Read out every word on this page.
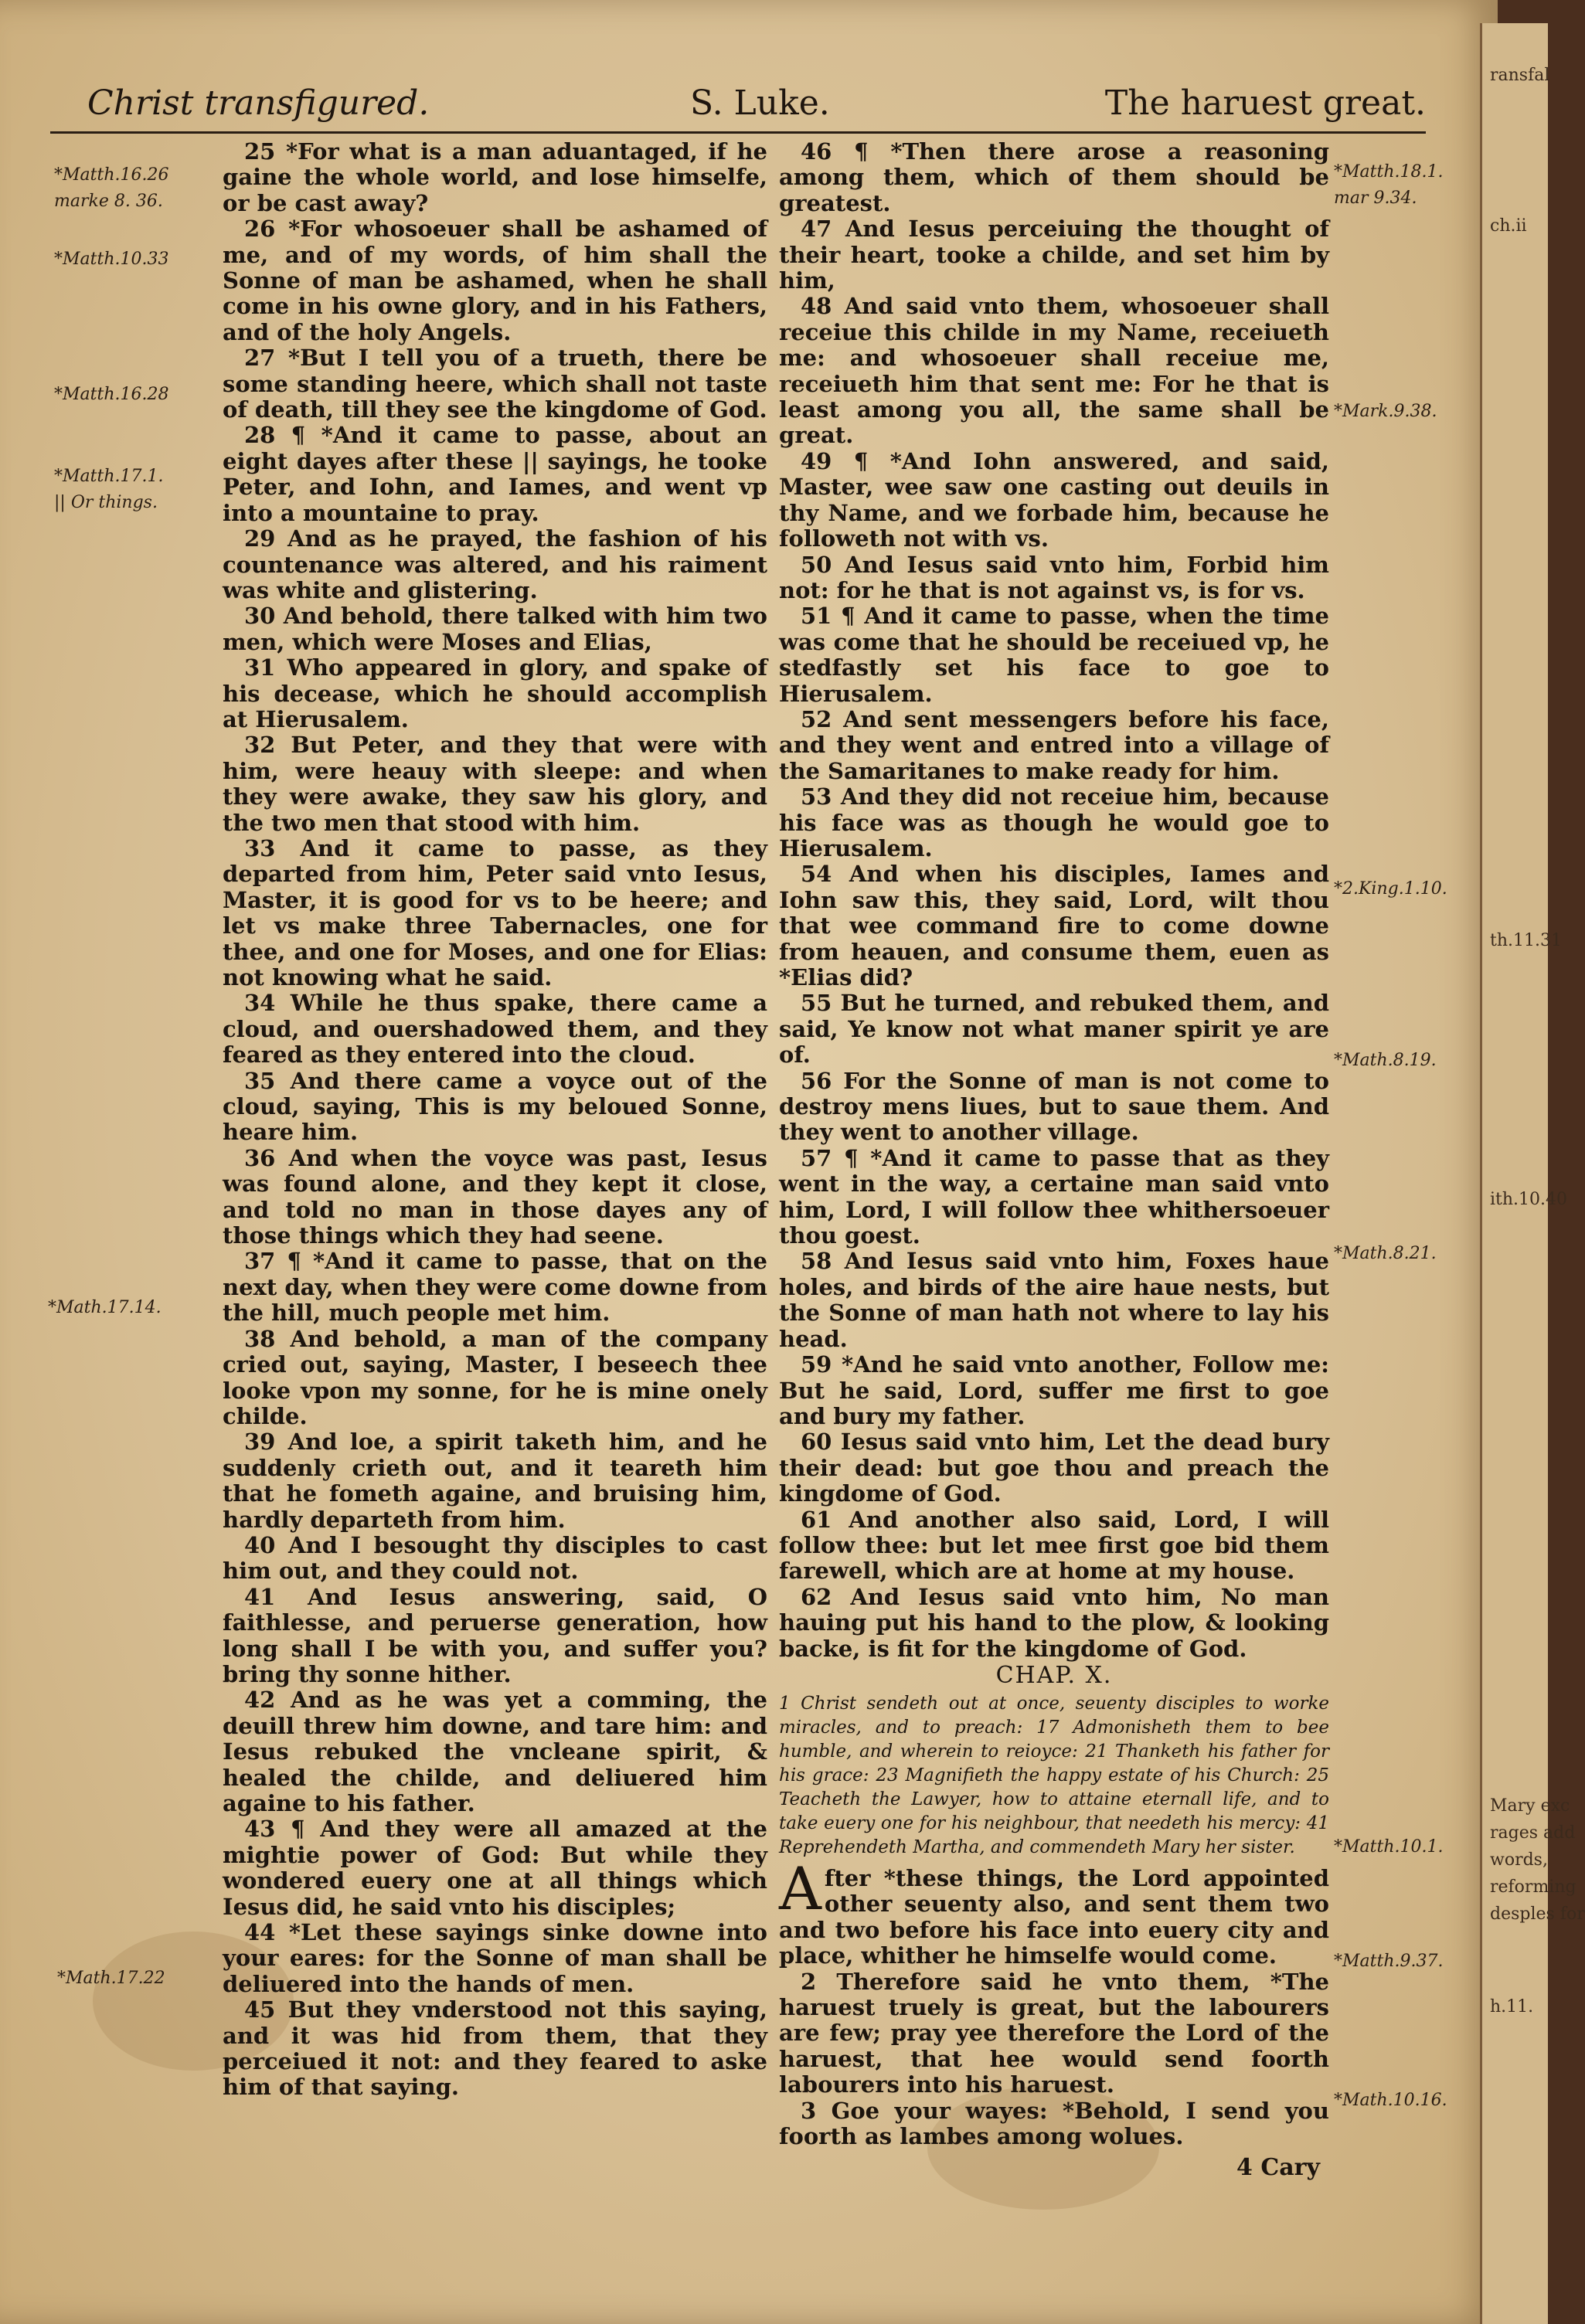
Christ transfigured.	S. Luke.	The haruest great.
*Matth.16.26
marke 8. 36.
*Matth.10.33
*Matth.16.28
*Matth.17.1.
|| Or things.
*Math.17.14.
*Math.17.22
*Matth.18.1.
mar 9.34.
*Mark.9.38.
*2.King.1.10.
*Math.8.19.
*Math.8.21.
*Matth.10.1.
*Matth.9.37.
*Math.10.16.

25 *For what is a man aduantaged, if he gaine the whole world, and lose himselfe, or be cast away?

26 *For whosoeuer shall be ashamed of me, and of my words, of him shall the Sonne of man be ashamed, when he shall come in his owne glory, and in his Fathers, and of the holy Angels.

27 *But I tell you of a trueth, there be some standing heere, which shall not taste of death, till they see the kingdome of God.

28 ¶ *And it came to passe, about an eight dayes after these || sayings, he tooke Peter, and Iohn, and Iames, and went vp into a mountaine to pray.

29 And as he prayed, the fashion of his countenance was altered, and his raiment was white and glistering.

30 And behold, there talked with him two men, which were Moses and Elias,

31 Who appeared in glory, and spake of his decease, which he should accomplish at Hierusalem.

32 But Peter, and they that were with him, were heauy with sleepe: and when they were awake, they saw his glory, and the two men that stood with him.

33 And it came to passe, as they departed from him, Peter said vnto Iesus, Master, it is good for vs to be heere; and let vs make three Tabernacles, one for thee, and one for Moses, and one for Elias: not knowing what he said.

34 While he thus spake, there came a cloud, and ouershadowed them, and they feared as they entered into the cloud.

35 And there came a voyce out of the cloud, saying, This is my beloued Sonne, heare him.

36 And when the voyce was past, Iesus was found alone, and they kept it close, and told no man in those dayes any of those things which they had seene.

37 ¶ *And it came to passe, that on the next day, when they were come downe from the hill, much people met him.

38 And behold, a man of the company cried out, saying, Master, I beseech thee looke vpon my sonne, for he is mine onely childe.

39 And loe, a spirit taketh him, and he suddenly crieth out, and it teareth him that he fometh againe, and bruising him, hardly departeth from him.

40 And I besought thy disciples to cast him out, and they could not.

41 And Iesus answering, said, O faithlesse, and peruerse generation, how long shall I be with you, and suffer you? bring thy sonne hither.

42 And as he was yet a comming, the deuill threw him downe, and tare him: and Iesus rebuked the vncleane spirit, & healed the childe, and deliuered him againe to his father.

43 ¶ And they were all amazed at the mightie power of God: But while they wondered euery one at all things which Iesus did, he said vnto his disciples;

44 *Let these sayings sinke downe into your eares: for the Sonne of man shall be deliuered into the hands of men.

45 But they vnderstood not this saying, and it was hid from them, that they perceiued it not: and they feared to aske him of that saying.

46 ¶ *Then there arose a reasoning among them, which of them should be greatest.

47 And Iesus perceiuing the thought of their heart, tooke a childe, and set him by him,

48 And said vnto them, whosoeuer shall receiue this childe in my Name, receiueth me: and whosoeuer shall receiue me, receiueth him that sent me: For he that is least among you all, the same shall be great.

49 ¶ *And Iohn answered, and said, Master, wee saw one casting out deuils in thy Name, and we forbade him, because he followeth not with vs.

50 And Iesus said vnto him, Forbid him not: for he that is not against vs, is for vs.

51 ¶ And it came to passe, when the time was come that he should be receiued vp, he stedfastly set his face to goe to Hierusalem.

52 And sent messengers before his face, and they went and entred into a village of the Samaritanes to make ready for him.

53 And they did not receiue him, because his face was as though he would goe to Hierusalem.

54 And when his disciples, Iames and Iohn saw this, they said, Lord, wilt thou that wee command fire to come downe from heauen, and consume them, euen as *Elias did?

55 But he turned, and rebuked them, and said, Ye know not what maner spirit ye are of.

56 For the Sonne of man is not come to destroy mens liues, but to saue them. And they went to another village.

57 ¶ *And it came to passe that as they went in the way, a certaine man said vnto him, Lord, I will follow thee whithersoeuer thou goest.

58 And Iesus said vnto him, Foxes haue holes, and birds of the aire haue nests, but the Sonne of man hath not where to lay his head.

59 *And he said vnto another, Follow me: But he said, Lord, suffer me first to goe and bury my father.

60 Iesus said vnto him, Let the dead bury their dead: but goe thou and preach the kingdome of God.

61 And another also said, Lord, I will follow thee: but let mee first goe bid them farewell, which are at home at my house.

62 And Iesus said vnto him, No man hauing put his hand to the plow, & looking backe, is fit for the kingdome of God.

CHAP. X.

1 Christ sendeth out at once, seuenty disciples to worke miracles, and to preach: 17 Admonisheth them to bee humble, and wherein to reioyce: 21 Thanketh his father for his grace: 23 Magnifieth the happy estate of his Church: 25 Teacheth the Lawyer, how to attaine eternall life, and to take euery one for his neighbour, that needeth his mercy: 41 Reprehendeth Martha, and commendeth Mary her sister.

After *these things, the Lord appointed other seuenty also, and sent them two and two before his face into euery city and place, whither he himselfe would come.

2 Therefore said he vnto them, *The haruest truely is great, but the labourers are few; pray yee therefore the Lord of the haruest, that hee would send foorth labourers into his haruest.

3 Goe your wayes: *Behold, I send you foorth as lambes among wolues.

4 Cary
ransfal
ch.ii
th.11.31
ith.10.40
Mary exc
rages add
words,
reforming
desples for
h.11.
